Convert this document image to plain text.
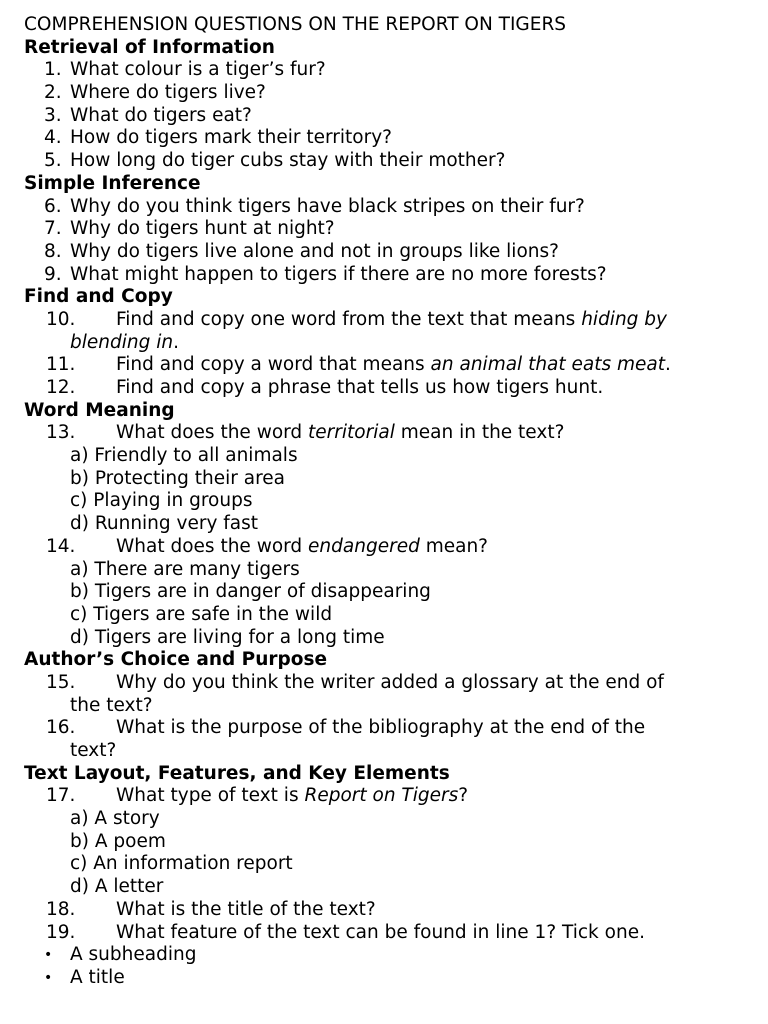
COMPREHENSION QUESTIONS ON THE REPORT ON TIGERS
Retrieval of Information
1. What colour is a tiger’s fur?
2. Where do tigers live?
3. What do tigers eat?
4. How do tigers mark their territory?
5. How long do tiger cubs stay with their mother?
Simple Inference
6. Why do you think tigers have black stripes on their fur?
7. Why do tigers hunt at night?
8. Why do tigers live alone and not in groups like lions?
9. What might happen to tigers if there are no more forests?
Find and Copy
10. Find and copy one word from the text that means hiding by
blending in.
11. Find and copy a word that means an animal that eats meat.
12. Find and copy a phrase that tells us how tigers hunt.
Word Meaning
13. What does the word territorial mean in the text?
a) Friendly to all animals
b) Protecting their area
c) Playing in groups
d) Running very fast
14. What does the word endangered mean?
a) There are many tigers
b) Tigers are in danger of disappearing
c) Tigers are safe in the wild
d) Tigers are living for a long time
Author’s Choice and Purpose
15. Why do you think the writer added a glossary at the end of
the text?
16. What is the purpose of the bibliography at the end of the
text?
Text Layout, Features, and Key Elements
17. What type of text is Report on Tigers?
a) A story
b) A poem
c) An information report
d) A letter
18. What is the title of the text?
19. What feature of the text can be found in line 1? Tick one.
• A subheading
• A title
